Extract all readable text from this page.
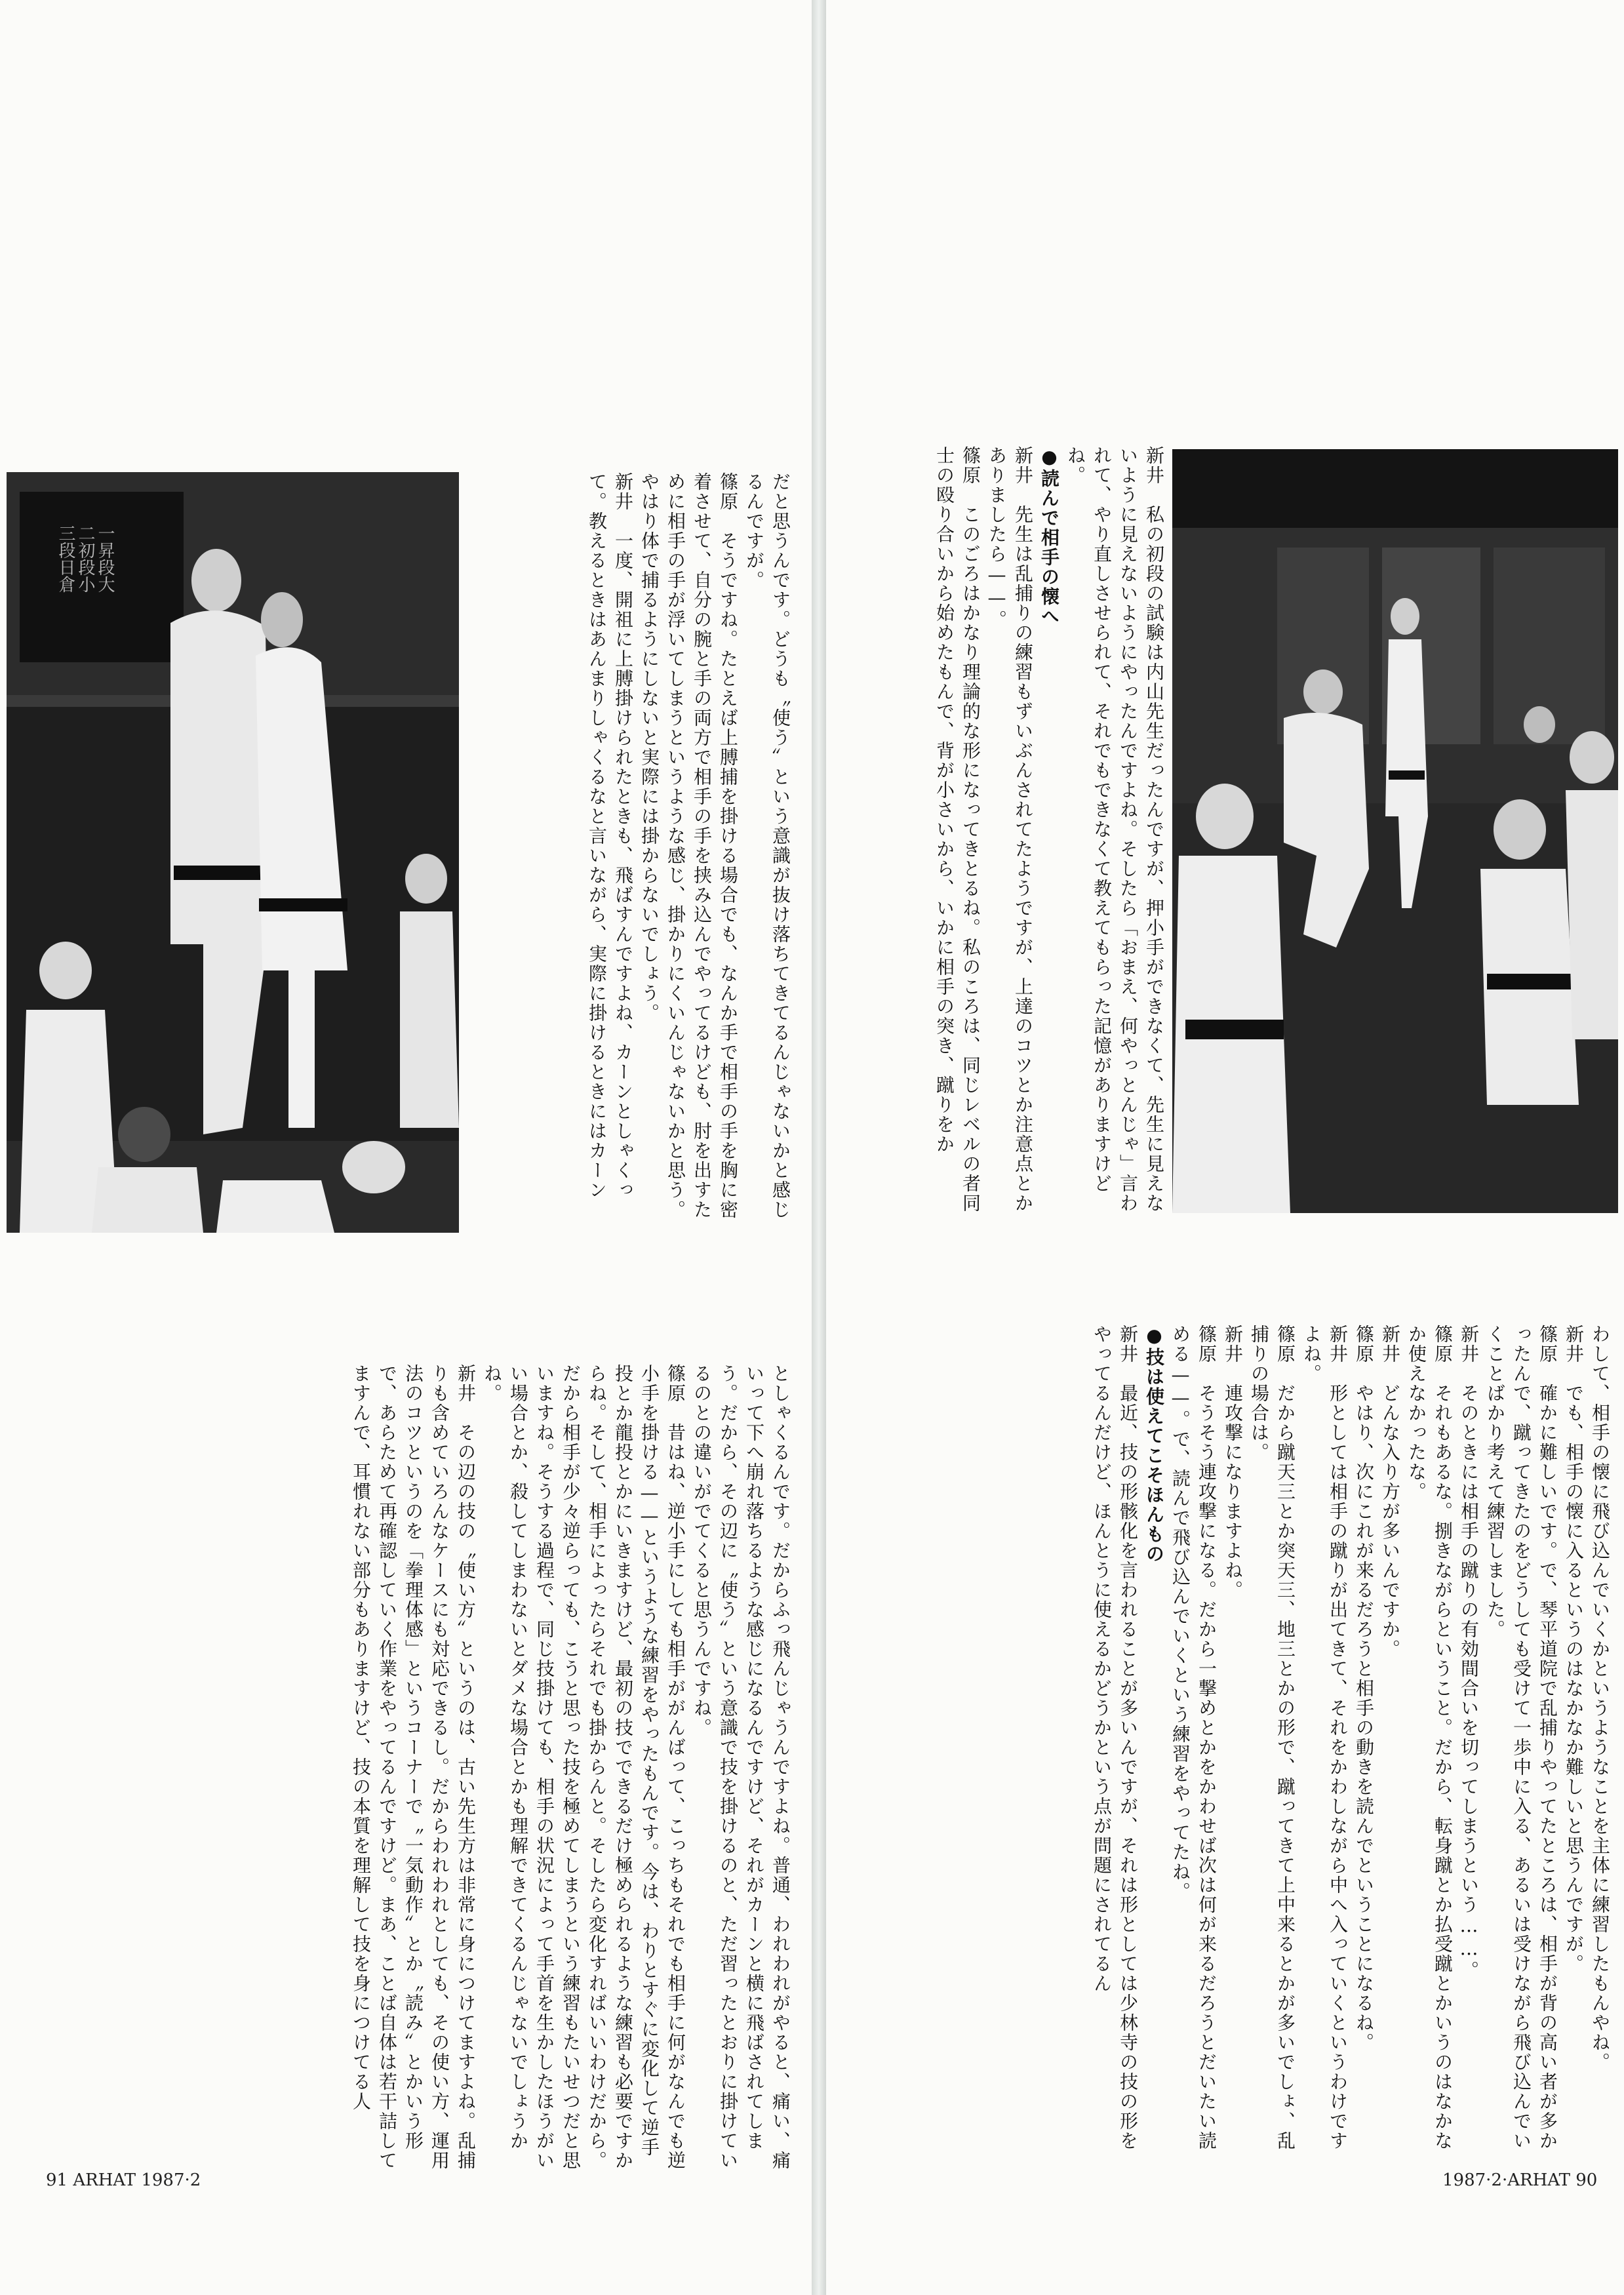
一昇段大
二初段小
三段日倉	だと思うんです。どうも〝使う〟という意識が抜け落ちてきてるんじゃないかと感じるんですが。

篠原　そうですね。たとえば上膊捕を掛ける場合でも、なんか手で相手の手を胸に密着させて、自分の腕と手の両方で相手の手を挟み込んでやってるけども、肘を出すために相手の手が浮いてしまうというような感じ、掛かりにくいんじゃないかと思う。やはり体で捕るようにしないと実際には掛からないでしょう。

新井　一度、開祖に上膊掛けられたときも、飛ばすんですよね、カーンとしゃくって。教えるときはあんまりしゃくるなと言いながら、実際に掛けるときにはカーン

としゃくるんです。だからふっ飛んじゃうんですよね。普通、われわれがやると、痛い、痛いって下へ崩れ落ちるような感じになるんですけど、それがカーンと横に飛ばされてしまう。だから、その辺に〝使う〟という意識で技を掛けるのと、ただ習ったとおりに掛けているのとの違いがでてくると思うんですね。

篠原　昔はね、逆小手にしても相手ががんばって、こっちもそれでも相手に何がなんでも逆小手を掛ける——というような練習をやったもんです。今は、わりとすぐに変化して逆手投とか龍投とかにいきますけど、最初の技でできるだけ極められるような練習も必要ですからね。そして、相手によったらそれでも掛からんと。そしたら変化すればいいわけだから。だから相手が少々逆らっても、こうと思った技を極めてしまうという練習もたいせつだと思いますね。そうする過程で、同じ技掛けても、相手の状況によって手首を生かしたほうがいい場合とか、殺してしまわないとダメな場合とかも理解できてくるんじゃないでしょうかね。

新井　その辺の技の〝使い方〟というのは、古い先生方は非常に身につけてますよね。乱捕りも含めていろんなケースにも対応できるし。だからわれわれとしても、その使い方、運用法のコツというのを「拳理体感」というコーナーで〝一気動作〟とか〝読み〟とかいう形で、あらためて再確認していく作業をやってるんですけど。まあ、ことば自体は若干詰してますんで、耳慣れない部分もありますけど、技の本質を理解して技を身につけてる人

91 ARHAT 1987·2

新井　私の初段の試験は内山先生だったんですが、押小手ができなくて、先生に見えないように見えないようにやったんですよね。そしたら「おまえ、何やっとんじゃ」言われて、やり直しさせられて、それでもできなくて教えてもらった記憶がありますけどね。

●読んで相手の懐へ

新井　先生は乱捕りの練習もずいぶんされてたようですが、上達のコツとか注意点とかありましたら——。

篠原　このごろはかなり理論的な形になってきとるね。私のころは、同じレベルの者同士の殴り合いから始めたもんで、背が小さいから、いかに相手の突き、蹴りをか

わして、相手の懐に飛び込んでいくかというようなことを主体に練習したもんやね。

新井　でも、相手の懐に入るというのはなかなか難しいと思うんですが。

篠原　確かに難しいです。で、琴平道院で乱捕りやってたところは、相手が背の高い者が多かったんで、蹴ってきたのをどうしても受けて一歩中に入る、あるいは受けながら飛び込んでいくことばかり考えて練習しました。

新井　そのときには相手の蹴りの有効間合いを切ってしまうという……。

篠原　それもあるな。捌きながらということ。だから、転身蹴とか払受蹴とかいうのはなかなか使えなかったな。

新井　どんな入り方が多いんですか。

篠原　やはり、次にこれが来るだろうと相手の動きを読んでということになるね。

新井　形としては相手の蹴りが出てきて、それをかわしながら中へ入っていくというわけですよね。

篠原　だから蹴天三とか突天三、地三とかの形で、蹴ってきて上中来るとかが多いでしょ、乱捕りの場合は。

新井　連攻撃になりますよね。

篠原　そうそう連攻撃になる。だから一撃めとかをかわせば次は何が来るだろうとだいたい読める——。で、読んで飛び込んでいくという練習をやってたね。

●技は使えてこそほんもの

新井　最近、技の形骸化を言われることが多いんですが、それは形としては少林寺の技の形をやってるんだけど、ほんとうに使えるかどうかという点が問題にされてるん

1987·2·ARHAT 90
